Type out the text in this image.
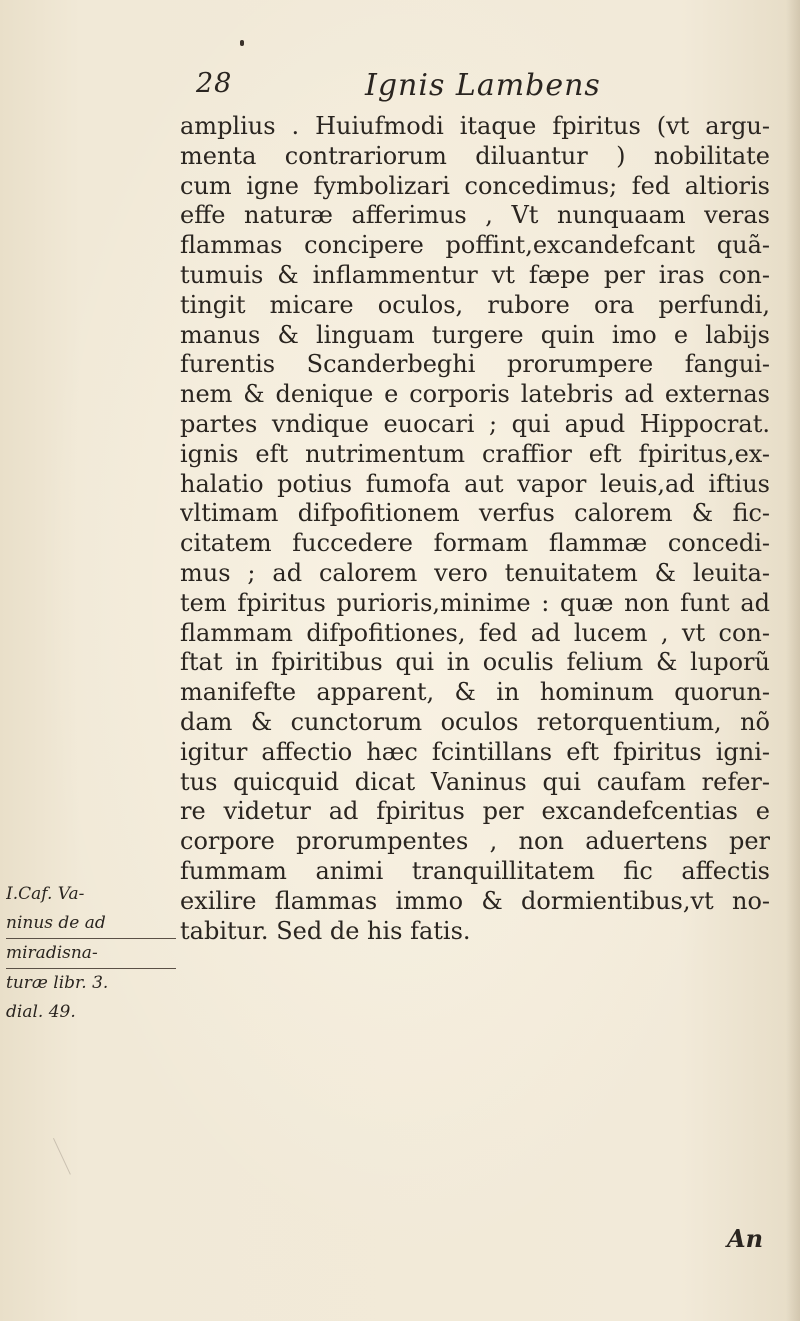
28	Ignis Lambens
amplius . Huiufmodi itaque fpiritus (vt argu-
menta contrariorum diluantur ) nobilitate
cum igne fymbolizari concedimus; fed altioris
effe naturæ afferimus , Vt nunquaam veras
flammas concipere poffint,excandefcant quã-
tumuis & inflammentur vt fæpe per iras con-
tingit micare oculos, rubore ora perfundi,
manus & linguam turgere quin imo e labijs
furentis Scanderbeghi prorumpere fangui-
nem & denique e corporis latebris ad externas
partes vndique euocari ; qui apud Hippocrat.
ignis eft nutrimentum craffior eft fpiritus,ex-
halatio potius fumofa aut vapor leuis,ad iftius
vltimam difpofitionem verfus calorem & fic-
citatem fuccedere formam flammæ concedi-
mus ; ad calorem vero tenuitatem & leuita-
tem fpiritus purioris,minime : quæ non funt ad
flammam difpofitiones, fed ad lucem , vt con-
ftat in fpiritibus qui in oculis felium & luporũ
manifefte apparent, & in hominum quorun-
dam & cunctorum oculos retorquentium, nõ
igitur affectio hæc fcintillans eft fpiritus igni-
tus quicquid dicat Vaninus qui caufam refer-
re videtur ad fpiritus per excandefcentias e
corpore prorumpentes , non aduertens per
fummam animi tranquillitatem fic affectis
exilire flammas immo & dormientibus,vt no-
tabitur. Sed de his fatis.
I.Caf. Va-
ninus de ad
miradisna-
turæ libr. 3.
dial. 49.
An
